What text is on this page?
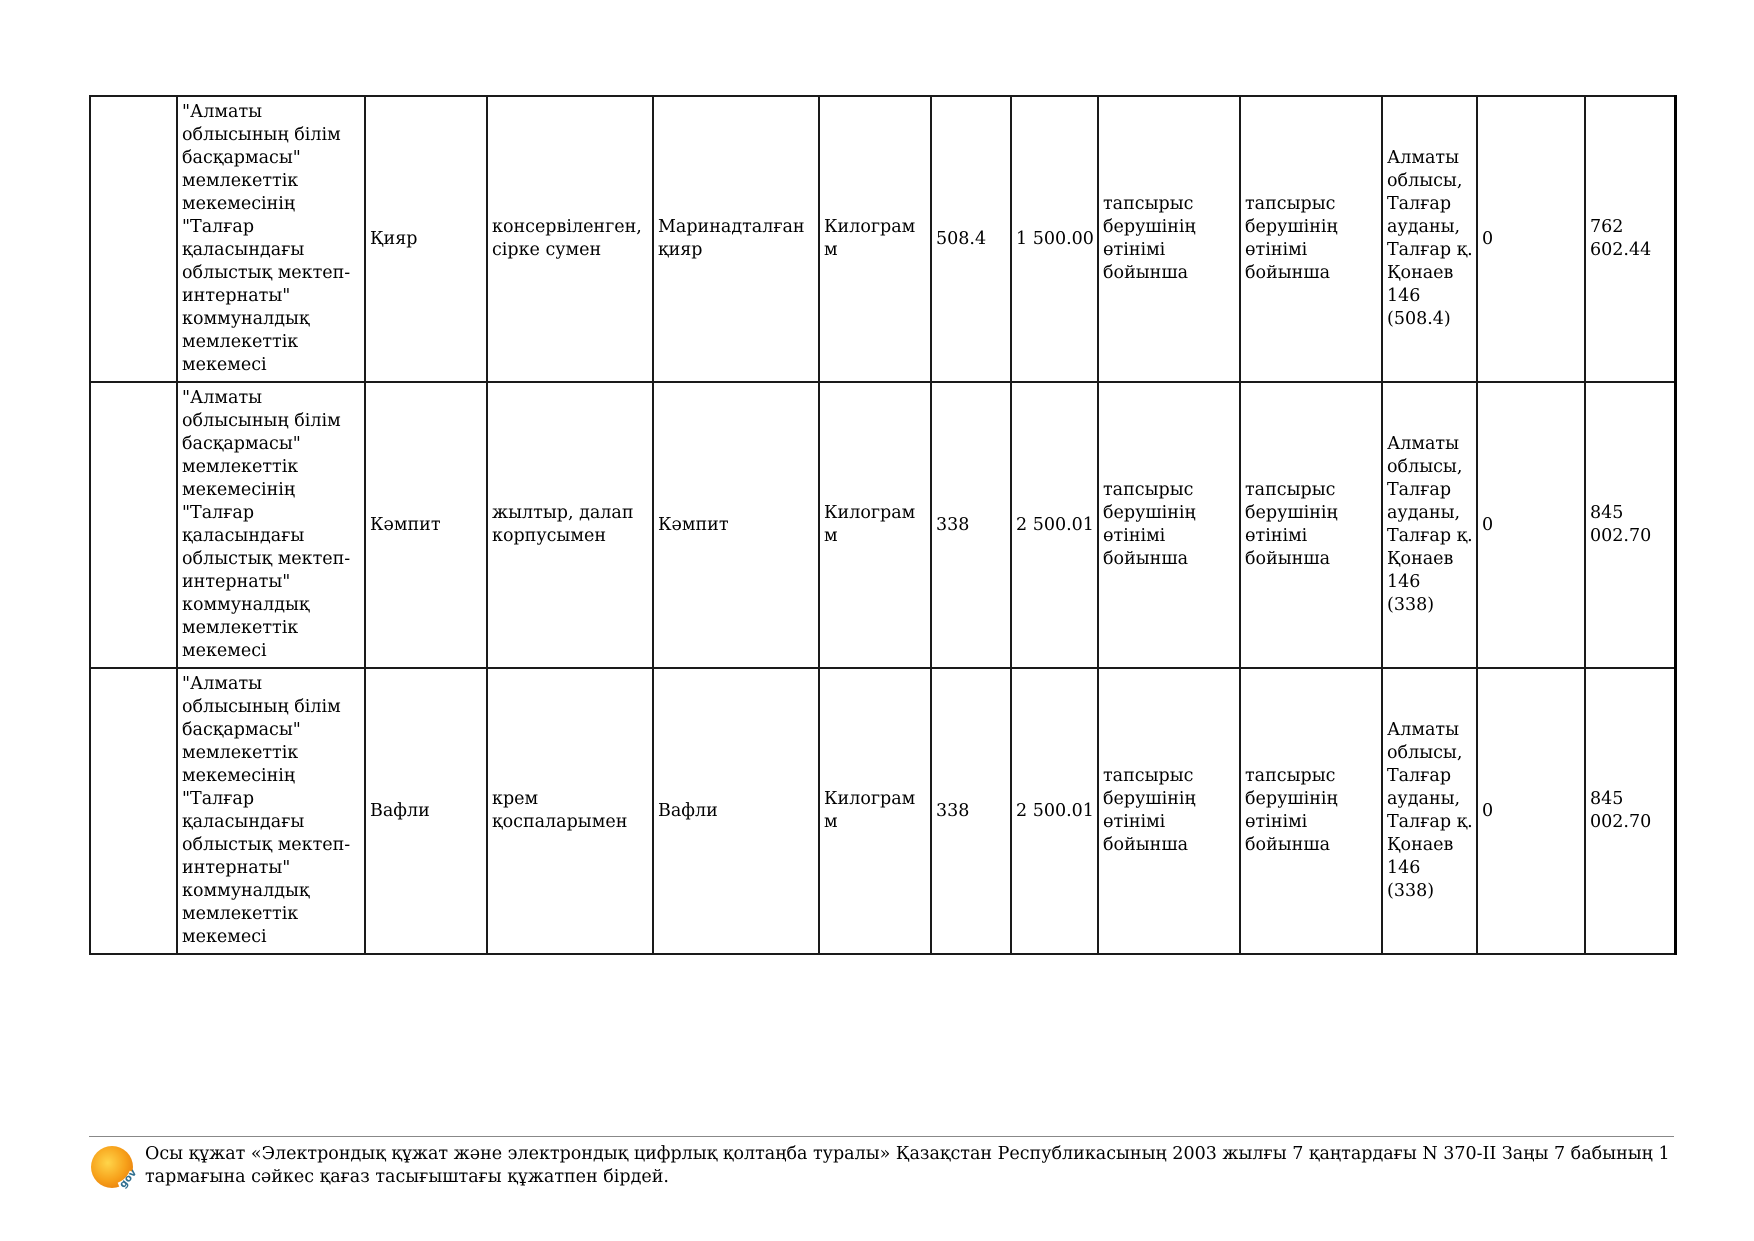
	"Алматы облысының білім басқармасы" мемлекеттік мекемесінің "Талғар қаласындағы облыстық мектеп-интернаты" коммуналдық мемлекеттік мекемесі	Қияр	консервіленген, сірке сумен	Маринадталған қияр	Килограмм	508.4	1 500.00	тапсырыс берушінің өтінімі бойынша	тапсырыс берушінің өтінімі бойынша	Алматы облысы, Талғар ауданы, Талғар қ. Қонаев 146 (508.4)	0	762 602.44
	"Алматы облысының білім басқармасы" мемлекеттік мекемесінің "Талғар қаласындағы облыстық мектеп-интернаты" коммуналдық мемлекеттік мекемесі	Кәмпит	жылтыр, далап корпусымен	Кәмпит	Килограмм	338	2 500.01	тапсырыс берушінің өтінімі бойынша	тапсырыс берушінің өтінімі бойынша	Алматы облысы, Талғар ауданы, Талғар қ. Қонаев 146 (338)	0	845 002.70
	"Алматы облысының білім басқармасы" мемлекеттік мекемесінің "Талғар қаласындағы облыстық мектеп-интернаты" коммуналдық мемлекеттік мекемесі	Вафли	крем қоспаларымен	Вафли	Килограмм	338	2 500.01	тапсырыс берушінің өтінімі бойынша	тапсырыс берушінің өтінімі бойынша	Алматы облысы, Талғар ауданы, Талғар қ. Қонаев 146 (338)	0	845 002.70
gov
Осы құжат «Электрондық құжат және электрондық цифрлық қолтаңба туралы» Қазақстан Республикасының 2003 жылғы 7 қаңтардағы N 370-II Заңы 7 бабының 1 тармағына сәйкес қағаз тасығыштағы құжатпен бірдей.
